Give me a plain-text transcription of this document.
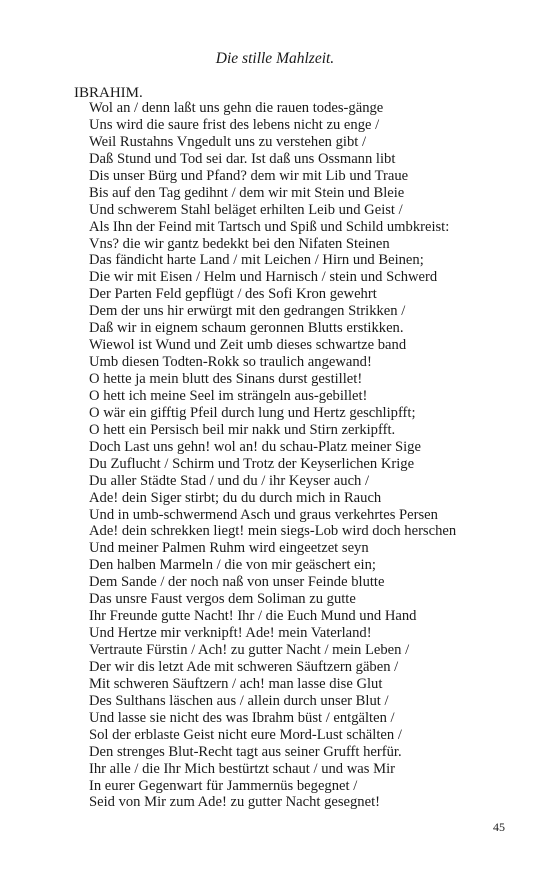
Die stille Mahlzeit.

IBRAHIM.

Wol an / denn laßt uns gehn die rauen todes-gänge
Uns wird die saure frist des lebens nicht zu enge /
Weil Rustahns Vngedult uns zu verstehen gibt /
Daß Stund und Tod sei dar. Ist daß uns Ossmann libt
Dis unser Bürg und Pfand? dem wir mit Lib und Traue
Bis auf den Tag gedihnt / dem wir mit Stein und Bleie
Und schwerem Stahl beläget erhilten Leib und Geist /
Als Ihn der Feind mit Tartsch und Spiß und Schild umbkreist:
Vns? die wir gantz bedekkt bei den Nifaten Steinen
Das fändicht harte Land / mit Leichen / Hirn und Beinen;
Die wir mit Eisen / Helm und Harnisch / stein und Schwerd
Der Parten Feld gepflügt / des Sofi Kron gewehrt
Dem der uns hir erwürgt mit den gedrangen Strikken /
Daß wir in eignem schaum geronnen Blutts erstikken.
Wiewol ist Wund und Zeit umb dieses schwartze band
Umb diesen Todten-Rokk so traulich angewand!
O hette ja mein blutt des Sinans durst gestillet!
O hett ich meine Seel im strängeln aus-gebillet!
O wär ein gifftig Pfeil durch lung und Hertz geschlipfft;
O hett ein Persisch beil mir nakk und Stirn zerkipfft.
Doch Last uns gehn! wol an! du schau-Platz meiner Sige
Du Zuflucht / Schirm und Trotz der Keyserlichen Krige
Du aller Städte Stad / und du / ihr Keyser auch /
Ade! dein Siger stirbt; du du durch mich in Rauch
Und in umb-schwermend Asch und grаus verkehrtes Persen
Ade! dein schrekken liegt! mein siegs-Lob wird doch herschen
Und meiner Palmen Ruhm wird eingeetzet seyn
Den halben Marmeln / die von mir geäschert ein;
Dem Sande / der noch naß von unser Feinde blutte
Das unsre Faust vergos dem Soliman zu gutte
Ihr Freunde gutte Nacht! Ihr / die Euch Mund und Hand
Und Hertze mir verknipft! Ade! mein Vaterland!
Vertraute Fürstin / Ach! zu gutter Nacht / mein Leben /
Der wir dis letzt Ade mit schweren Säuftzern gäben /
Mit schweren Säuftzern / ach! man lasse dise Glut
Des Sulthans läschen aus / allein durch unser Blut /
Und lasse sie nicht des was Ibrahm büst / entgälten /
Sol der erblaste Geist nicht eure Mord-Lust schälten /
Den strenges Blut-Recht tagt aus seiner Grufft herfür.
Ihr alle / die Ihr Mich bestürtzt schaut / und was Mir
In eurer Gegenwart für Jammernüs begegnet /
Seid von Mir zum Ade! zu gutter Nacht gesegnet!

45
